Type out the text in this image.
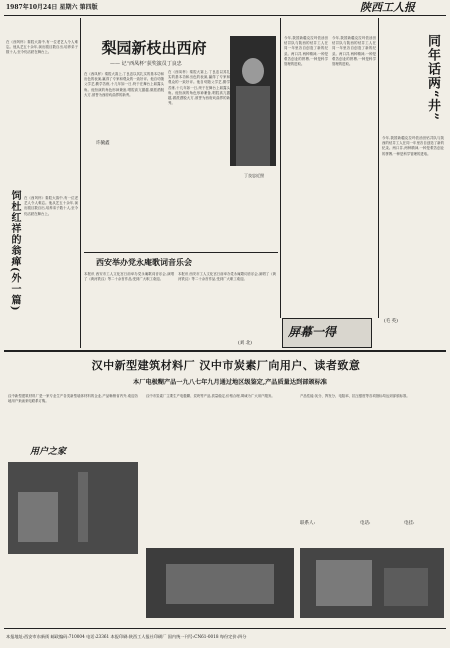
1987年10月24日 星期六 第四版	陕西工人报
在《西风杯》秦腔大赛中,有一位老艺人令人难忘。他从艺五十余年,演出剧目数百出,培养弟子数十人,至今仍活跃在舞台上。
饲杜红祥的翁瘅(外一篇)	在《西风杯》秦腔大赛中,有一位老艺人令人难忘。他从艺五十余年,演出剧目数百出,培养弟子数十人,至今仍活跃在舞台上。
梨园新枝出西府
—— 记“西凤杯”获奖演员丁良忠
许毓鑫
在《西凤杯》秦腔大赛上,丁良忠以其扎实的基本功和出色的表演,赢得了专家和观众的一致好评。他自幼随父学艺,勤学苦练,十几年如一日,终于在舞台上崭露头角。他扮演的角色形神兼备,唱腔高亢激越,做派洒脱大方,被誉为西府戏曲界的新秀。
在《西凤杯》秦腔大赛上,丁良忠以其扎实的基本功和出色的表演,赢得了专家和观众的一致好评。他自幼随父学艺,勤学苦练,十几年如一日,终于在舞台上崭露头角。他扮演的角色形神兼备,唱腔高亢激越,做派洒脱大方,被誉为西府戏曲界的新秀。
丁良忠近照
今年,我国新疆克拉玛依油田钻井队与陕西的钻井工人在同一年里各自创造了新的纪录。两口井,两种精神,一种是艰苦创业的拼搏,一种是科学管理的进取。
今年,我国新疆克拉玛依油田钻井队与陕西的钻井工人在同一年里各自创造了新的纪录。两口井,两种精神,一种是艰苦创业的拼搏,一种是科学管理的进取。	同年话两“井”
今年,我国新疆克拉玛依油田钻井队与陕西的钻井工人在同一年里各自创造了新的纪录。两口井,两种精神,一种是艰苦创业的拼搏,一种是科学管理的进取。
西安举办党永庵歌词音乐会
本报讯 西安市工人文化宫日前举办党永庵歌词音乐会,演唱了《黄河铁汉》等二十余首作品,受到广大职工欢迎。
本报讯 西安市工人文化宫日前举办党永庵歌词音乐会,演唱了《黄河铁汉》等二十余首作品,受到广大职工欢迎。
(刘 北)
屏幕一得
(毛 英)
汉中新型建筑材料厂 汉中市炭素厂向用户、读者致意
本厂电极糊产品一九八七年九月通过地区级鉴定,产品质量达到部颁标准
汉中新型建筑材料厂是一家专业生产各类新型墙体材料的企业,产品畅销省内外,欢迎各地用户来函来电联系订购。
汉中市炭素厂主要生产电极糊、炭块等产品,质量稳定,价格合理,竭诚为广大用户服务。	产品性能:灰分、挥发分、电阻率、抗压强度等各项指标均达到部颁标准。
用户之家
联系人:	电话:	电挂:
本报地址:西安市东新街 邮政编码:710004 电话:23361 本报印刷:陕西工人报社印刷厂 国内统一刊号:CN61-0018 每份定价:四分
